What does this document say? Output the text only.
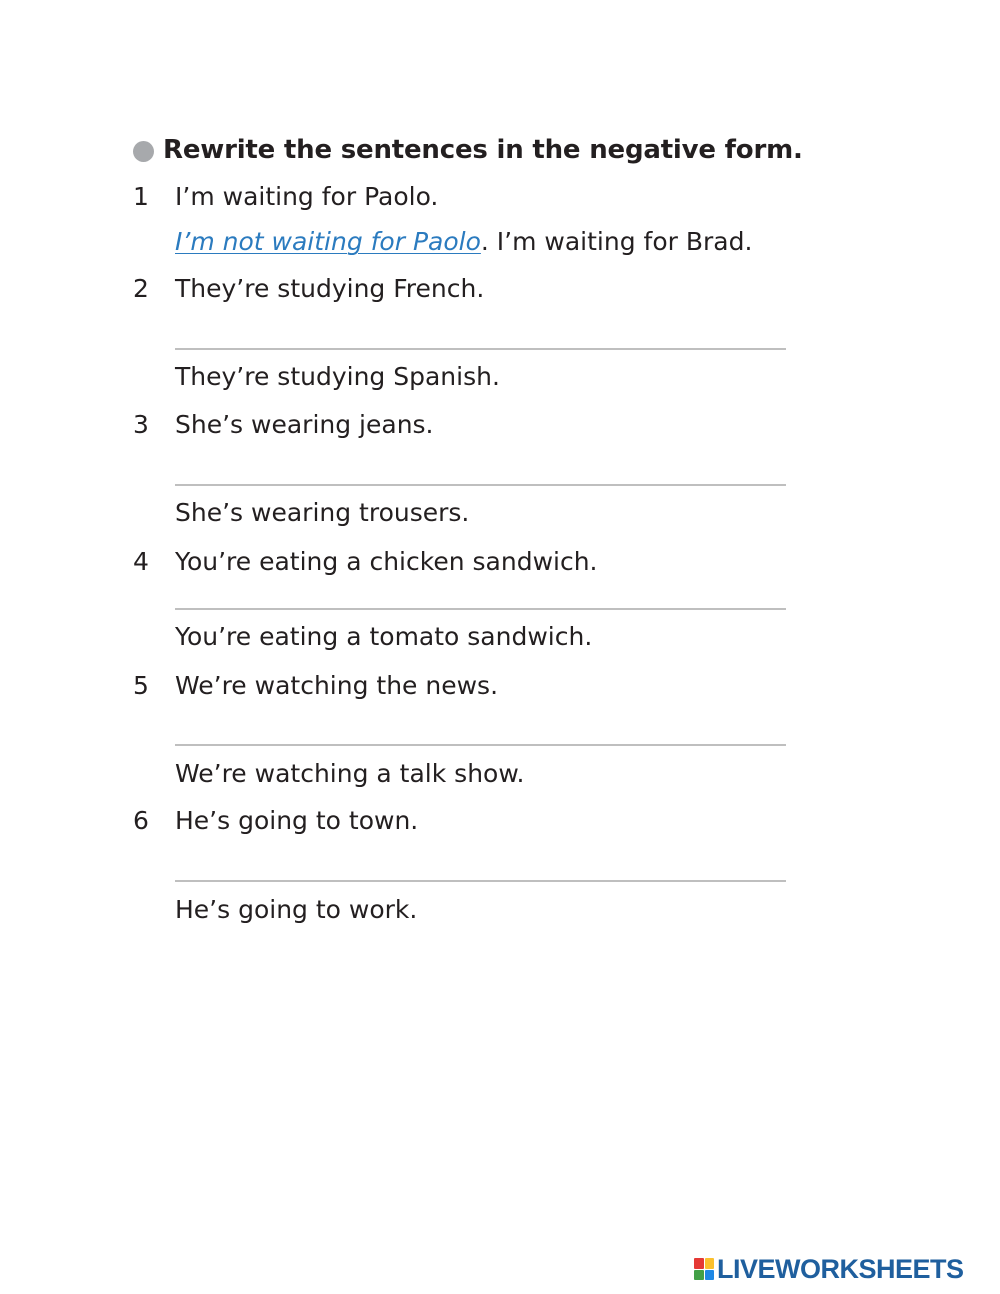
Rewrite the sentences in the negative form.
1 I’m waiting for Paolo.
I’m not waiting for Paolo. I’m waiting for Brad.
2 They’re studying French.
They’re studying Spanish.
3 She’s wearing jeans.
She’s wearing trousers.
4 You’re eating a chicken sandwich.
You’re eating a tomato sandwich.
5 We’re watching the news.
We’re watching a talk show.
6 He’s going to town.
He’s going to work.
LIVEWORKSHEETS
